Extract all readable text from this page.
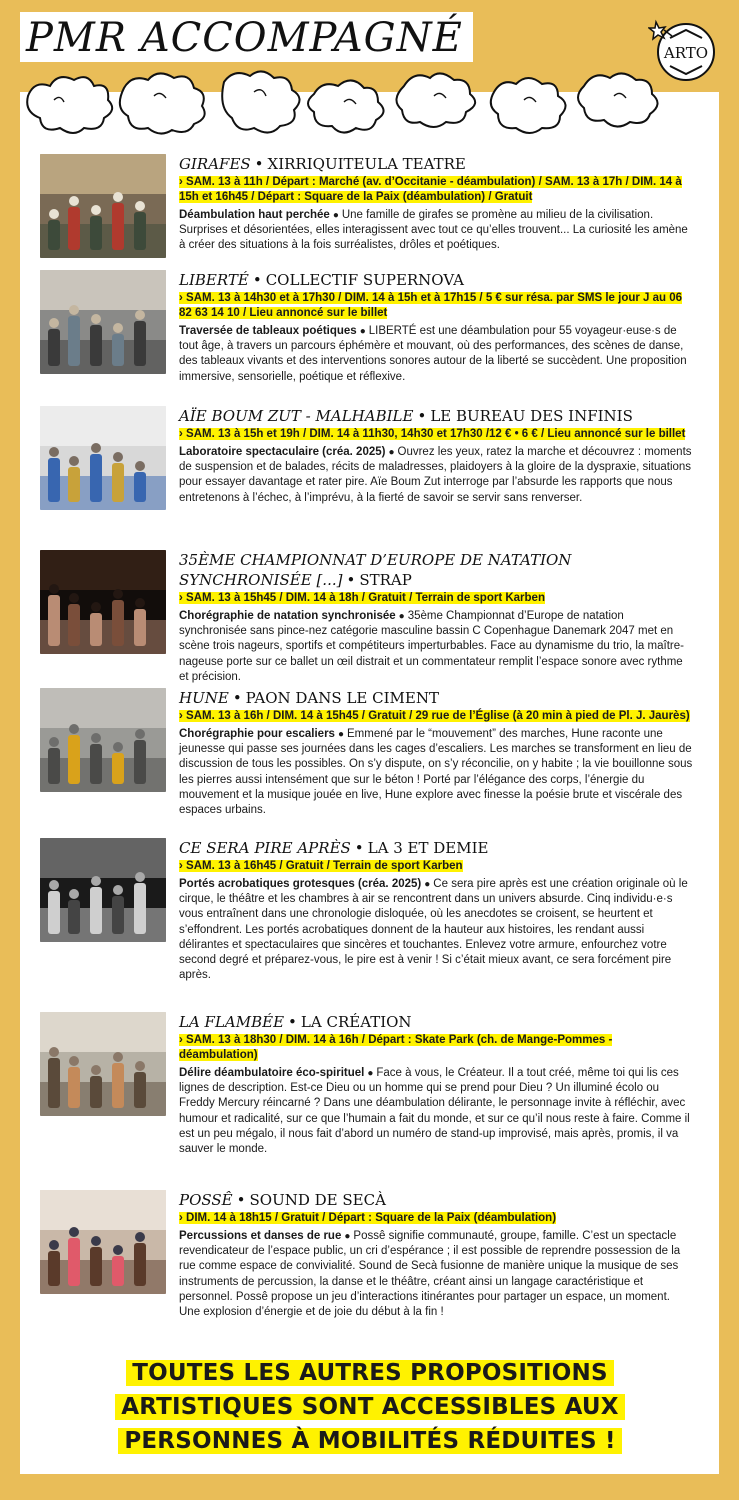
PMR ACCOMPAGNÉ	ARTO
GIRAFES • XIRRIQUITEULA TEATRE
› SAM. 13 à 11h / Départ : Marché (av. d’Occitanie - déambulation) / SAM. 13 à 17h / DIM. 14 à 15h et 16h45 / Départ : Square de la Paix (déambulation) / Gratuit
Déambulation haut perchée ● Une famille de girafes se promène au milieu de la civilisation. Surprises et désorientées, elles interagissent avec tout ce qu’elles trouvent... La curiosité les amène à créer des situations à la fois surréalistes, drôles et poétiques.
LIBERTÉ • COLLECTIF SUPERNOVA
› SAM. 13 à 14h30 et à 17h30 / DIM. 14 à 15h et à 17h15 / 5 € sur résa. par SMS le jour J au 06 82 63 14 10 / Lieu annoncé sur le billet
Traversée de tableaux poétiques ● LIBERTÉ est une déambulation pour 55 voyageur·euse·s de tout âge, à travers un parcours éphémère et mouvant, où des performances, des scènes de danse, des tableaux vivants et des interventions sonores autour de la liberté se succèdent. Une proposition immersive, sensorielle, poétique et réflexive.
AÏE BOUM ZUT - MALHABILE • LE BUREAU DES INFINIS
› SAM. 13 à 15h et 19h / DIM. 14 à 11h30, 14h30 et 17h30 /12 € • 6 € / Lieu annoncé sur le billet
Laboratoire spectaculaire (créa. 2025) ● Ouvrez les yeux, ratez la marche et découvrez : moments de suspension et de balades, récits de maladresses, plaidoyers à la gloire de la dyspraxie, situations pour essayer davantage et rater pire. Aïe Boum Zut interroge par l’absurde les rapports que nous entretenons à l’échec, à l’imprévu, à la fierté de savoir se servir sans renverser.
35ÈME CHAMPIONNAT D’EUROPE DE NATATION SYNCHRONISÉE [...] • STRAP
› SAM. 13 à 15h45 / DIM. 14 à 18h / Gratuit / Terrain de sport Karben
Chorégraphie de natation synchronisée ● 35ème Championnat d’Europe de natation synchronisée sans pince-nez catégorie masculine bassin C Copenhague Danemark 2047 met en scène trois nageurs, sportifs et compétiteurs imperturbables. Face au dynamisme du trio, la maître-nageuse porte sur ce ballet un œil distrait et un commentateur remplit l’espace sonore avec rythme et précision.
HUNE • PAON DANS LE CIMENT
› SAM. 13 à 16h / DIM. 14 à 15h45 / Gratuit / 29 rue de l’Église (à 20 min à pied de Pl. J. Jaurès)
Chorégraphie pour escaliers ● Emmené par le “mouvement” des marches, Hune raconte une jeunesse qui passe ses journées dans les cages d’escaliers. Les marches se transforment en lieu de discussion de tous les possibles. On s’y dispute, on s’y réconcilie, on y habite ; la vie bouillonne sous les pierres aussi intensément que sur le béton ! Porté par l’élégance des corps, l’énergie du mouvement et la musique jouée en live, Hune explore avec finesse la poésie brute et viscérale des espaces urbains.
CE SERA PIRE APRÈS • LA 3 ET DEMIE
› SAM. 13 à 16h45 / Gratuit / Terrain de sport Karben
Portés acrobatiques grotesques (créa. 2025) ● Ce sera pire après est une création originale où le cirque, le théâtre et les chambres à air se rencontrent dans un univers absurde. Cinq individu·e·s vous entraînent dans une chronologie disloquée, où les anecdotes se croisent, se heurtent et s’effondrent. Les portés acrobatiques donnent de la hauteur aux histoires, les rendant aussi délirantes et spectaculaires que sincères et touchantes. Enlevez votre armure, enfourchez votre second degré et préparez-vous, le pire est à venir ! Si c’était mieux avant, ce sera forcément pire après.
LA FLAMBÉE • LA CRÉATION
› SAM. 13 à 18h30 / DIM. 14 à 16h / Départ : Skate Park (ch. de Mange-Pommes - déambulation)
Délire déambulatoire éco-spirituel ● Face à vous, le Créateur. Il a tout créé, même toi qui lis ces lignes de description. Est-ce Dieu ou un homme qui se prend pour Dieu ? Un illuminé écolo ou Freddy Mercury réincarné ? Dans une déambulation délirante, le personnage invite à réfléchir, avec humour et radicalité, sur ce que l’humain a fait du monde, et sur ce qu’il nous reste à faire. Comme il est un peu mégalo, il nous fait d’abord un numéro de stand-up improvisé, mais après, promis, il va sauver le monde.
POSSÊ • SOUND DE SECÀ
› DIM. 14 à 18h15 / Gratuit / Départ : Square de la Paix (déambulation)
Percussions et danses de rue ● Possê signifie communauté, groupe, famille. C’est un spectacle revendicateur de l’espace public, un cri d’espérance ; il est possible de reprendre possession de la rue comme espace de convivialité. Sound de Secà fusionne de manière unique la musique de ses instruments de percussion, la danse et le théâtre, créant ainsi un langage caractéristique et personnel. Possê propose un jeu d’interactions itinérantes pour partager un espace, un moment. Une explosion d’énergie et de joie du début à la fin !
TOUTES LES AUTRES PROPOSITIONS
ARTISTIQUES SONT ACCESSIBLES AUX
PERSONNES À MOBILITÉS RÉDUITES !
